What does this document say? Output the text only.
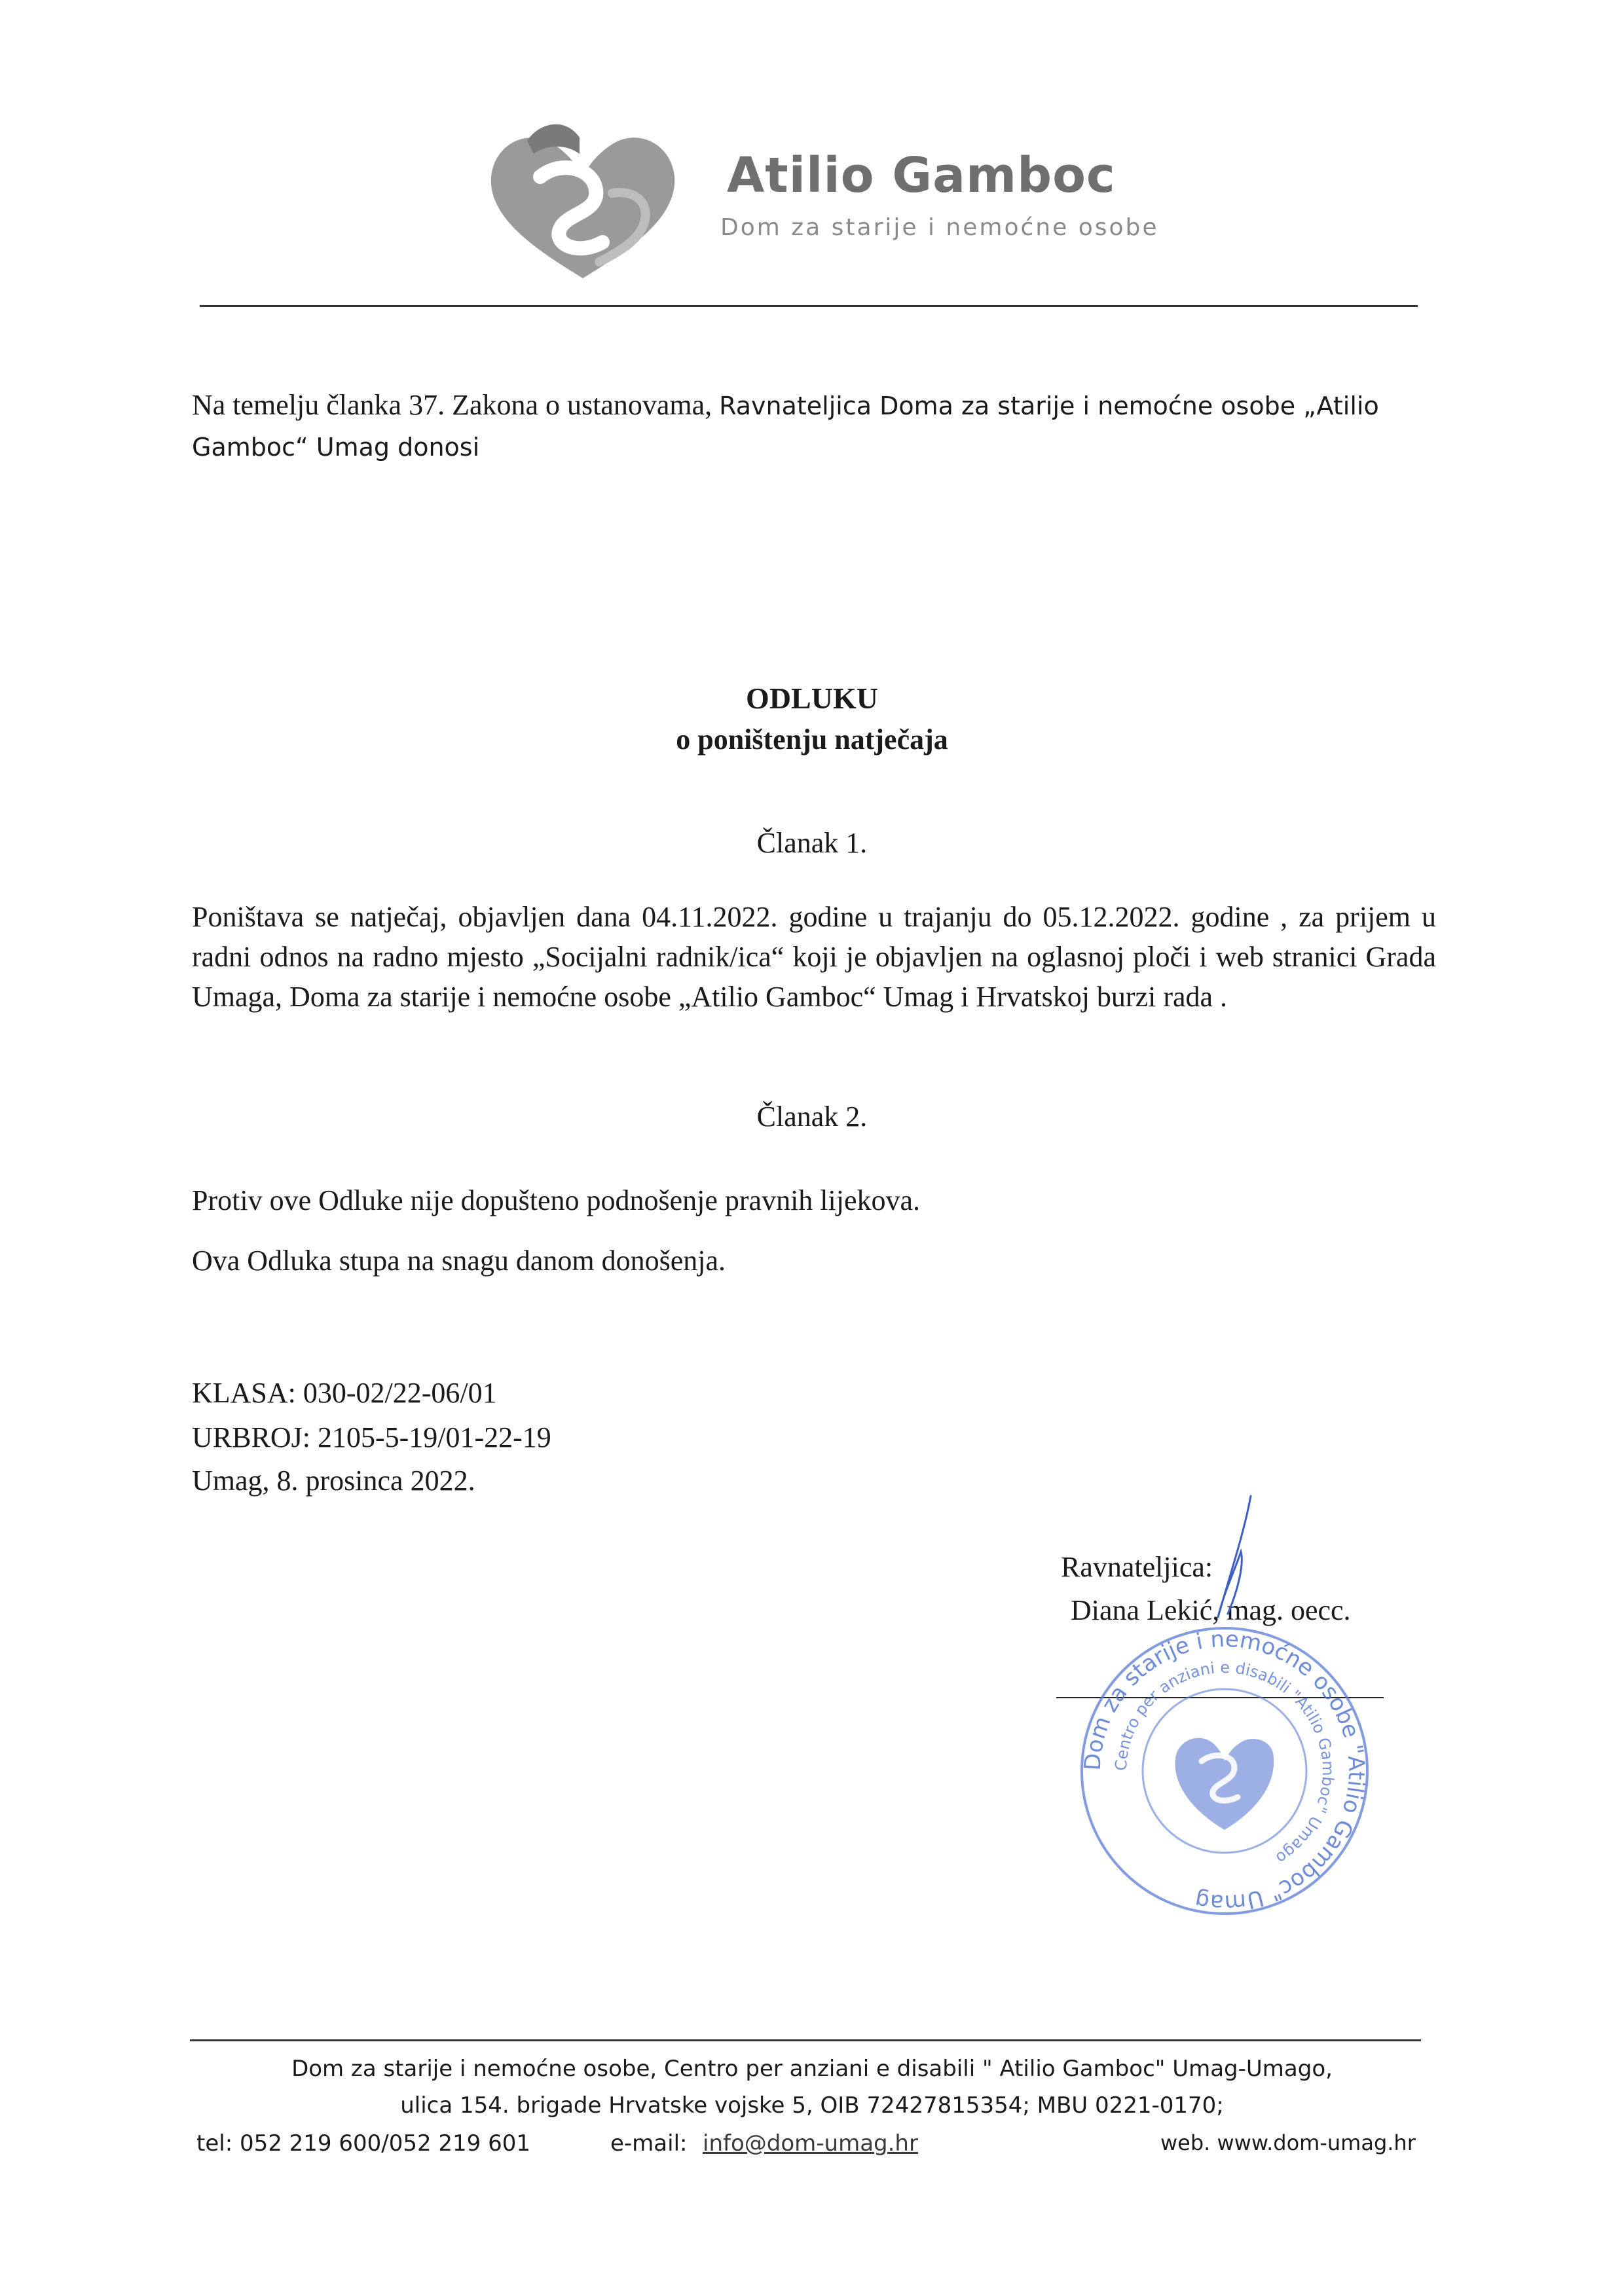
Atilio Gamboc
Dom za starije i nemoćne osobe
Na temelju članka 37. Zakona o ustanovama, Ravnateljica Doma za starije i nemoćne osobe „Atilio Gamboc“ Umag donosi
ODLUKU
o poništenju natječaja
Članak 1.
Poništava se natječaj, objavljen dana 04.11.2022. godine u trajanju do 05.12.2022. godine , za prijem u radni odnos na radno mjesto „Socijalni radnik/ica“ koji je objavljen na oglasnoj ploči i web stranici Grada Umaga, Doma za starije i nemoćne osobe „Atilio Gamboc“ Umag i Hrvatskoj burzi rada .
Članak 2.
Protiv ove Odluke nije dopušteno podnošenje pravnih lijekova.
Ova Odluka stupa na snagu danom donošenja.
KLASA: 030-02/22-06/01
URBROJ: 2105-5-19/01-22-19
Umag, 8. prosinca 2022.
Ravnateljica:
Diana Lekić, mag. oecc.
Dom za starije i nemoćne osobe "Atilio Gamboc" Umag
Centro per anziani e disabili "Atilio Gamboc" Umago
Dom za starije i nemoćne osobe, Centro per anziani e disabili " Atilio Gamboc" Umag-Umago,
ulica 154. brigade Hrvatske vojske 5, OIB 72427815354; MBU 0221-0170;
tel: 052 219 600/052 219 601	e-mail: info@dom-umag.hr	web. www.dom-umag.hr
